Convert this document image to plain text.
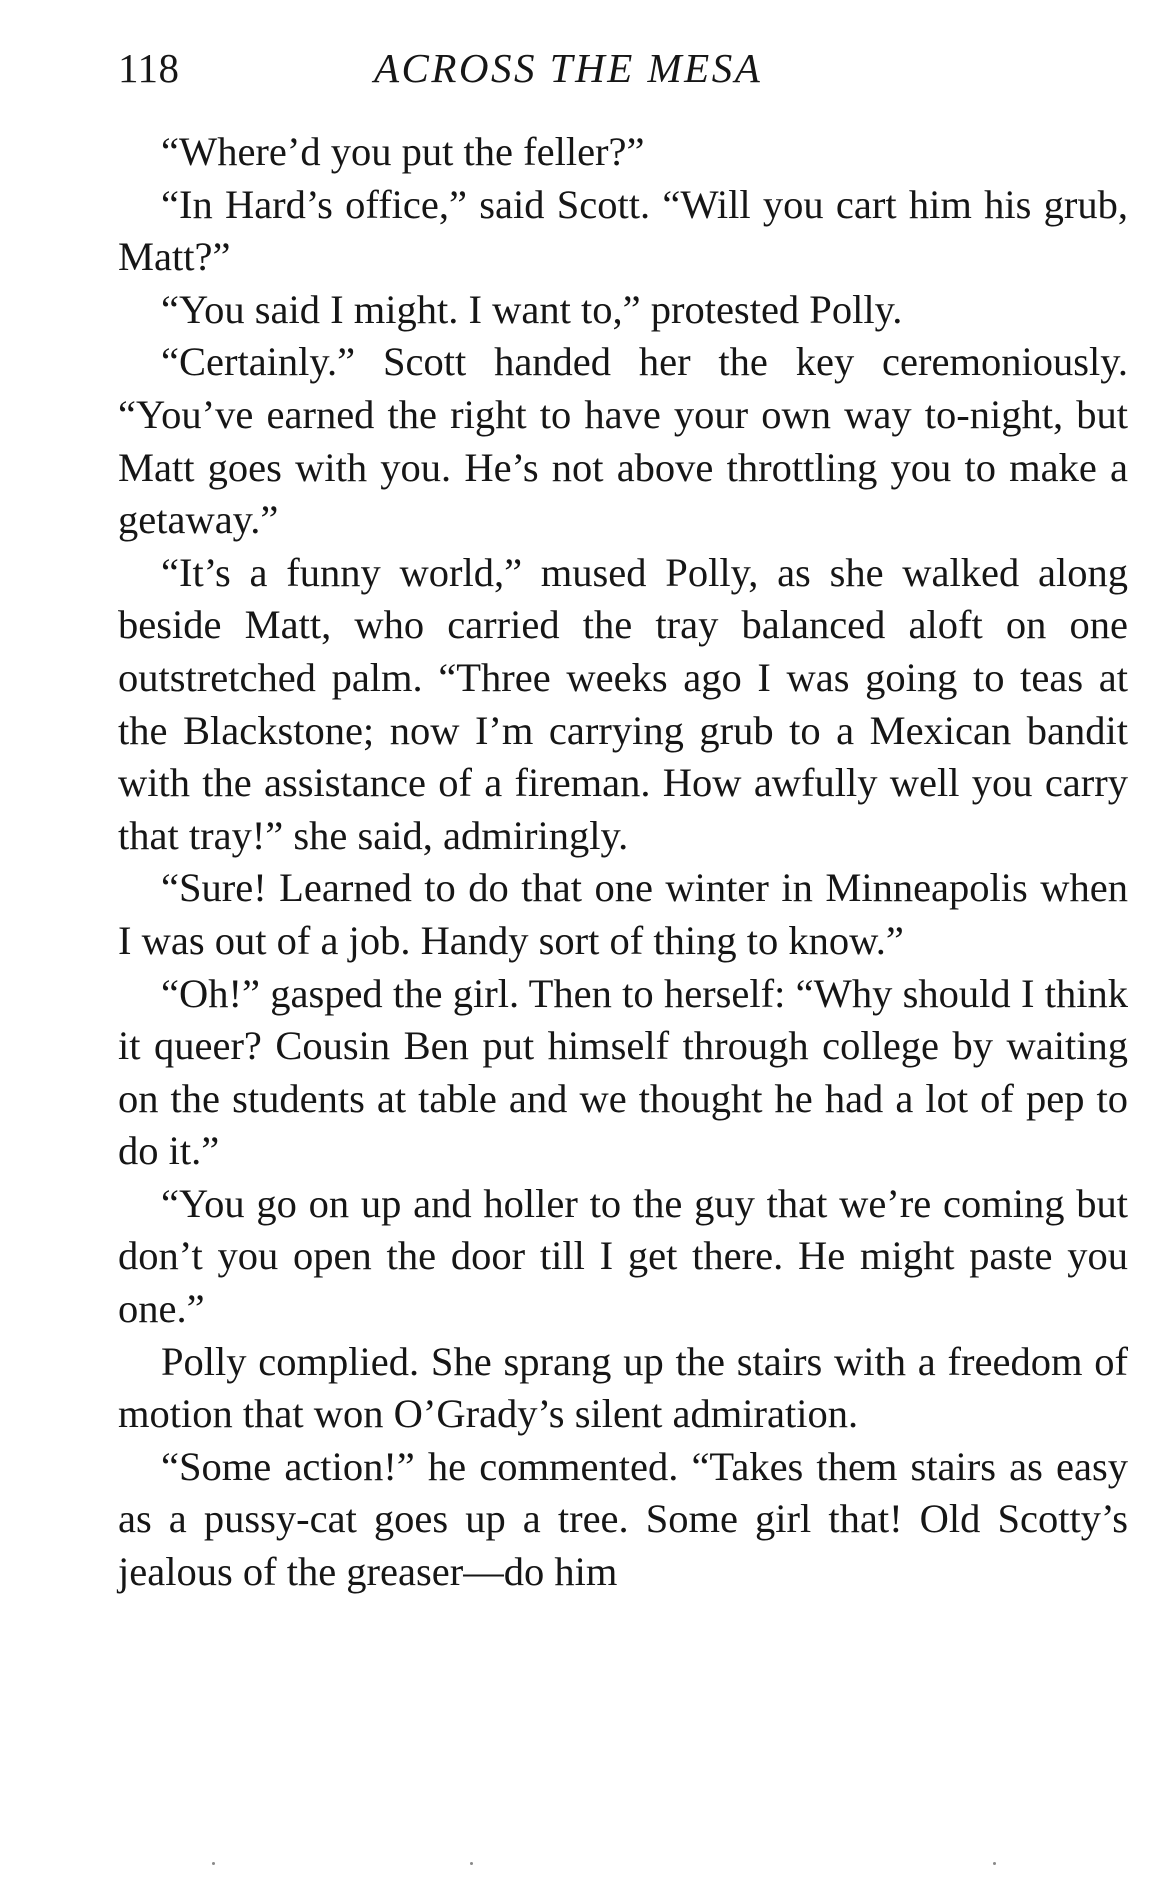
118	ACROSS THE MESA

“Where’d you put the feller?”

“In Hard’s office,” said Scott. “Will you cart him his grub, Matt?”

“You said I might. I want to,” protested Polly.

“Certainly.” Scott handed her the key ceremoniously. “You’ve earned the right to have your own way to-night, but Matt goes with you. He’s not above throttling you to make a getaway.”

“It’s a funny world,” mused Polly, as she walked along beside Matt, who carried the tray balanced aloft on one outstretched palm. “Three weeks ago I was going to teas at the Blackstone; now I’m carrying grub to a Mexican bandit with the assistance of a fireman. How awfully well you carry that tray!” she said, admiringly.

“Sure! Learned to do that one winter in Minneapolis when I was out of a job. Handy sort of thing to know.”

“Oh!” gasped the girl. Then to herself: “Why should I think it queer? Cousin Ben put himself through college by waiting on the students at table and we thought he had a lot of pep to do it.”

“You go on up and holler to the guy that we’re coming but don’t you open the door till I get there. He might paste you one.”

Polly complied. She sprang up the stairs with a freedom of motion that won O’Grady’s silent admiration.

“Some action!” he commented. “Takes them stairs as easy as a pussy-cat goes up a tree. Some girl that! Old Scotty’s jealous of the greaser—do him
